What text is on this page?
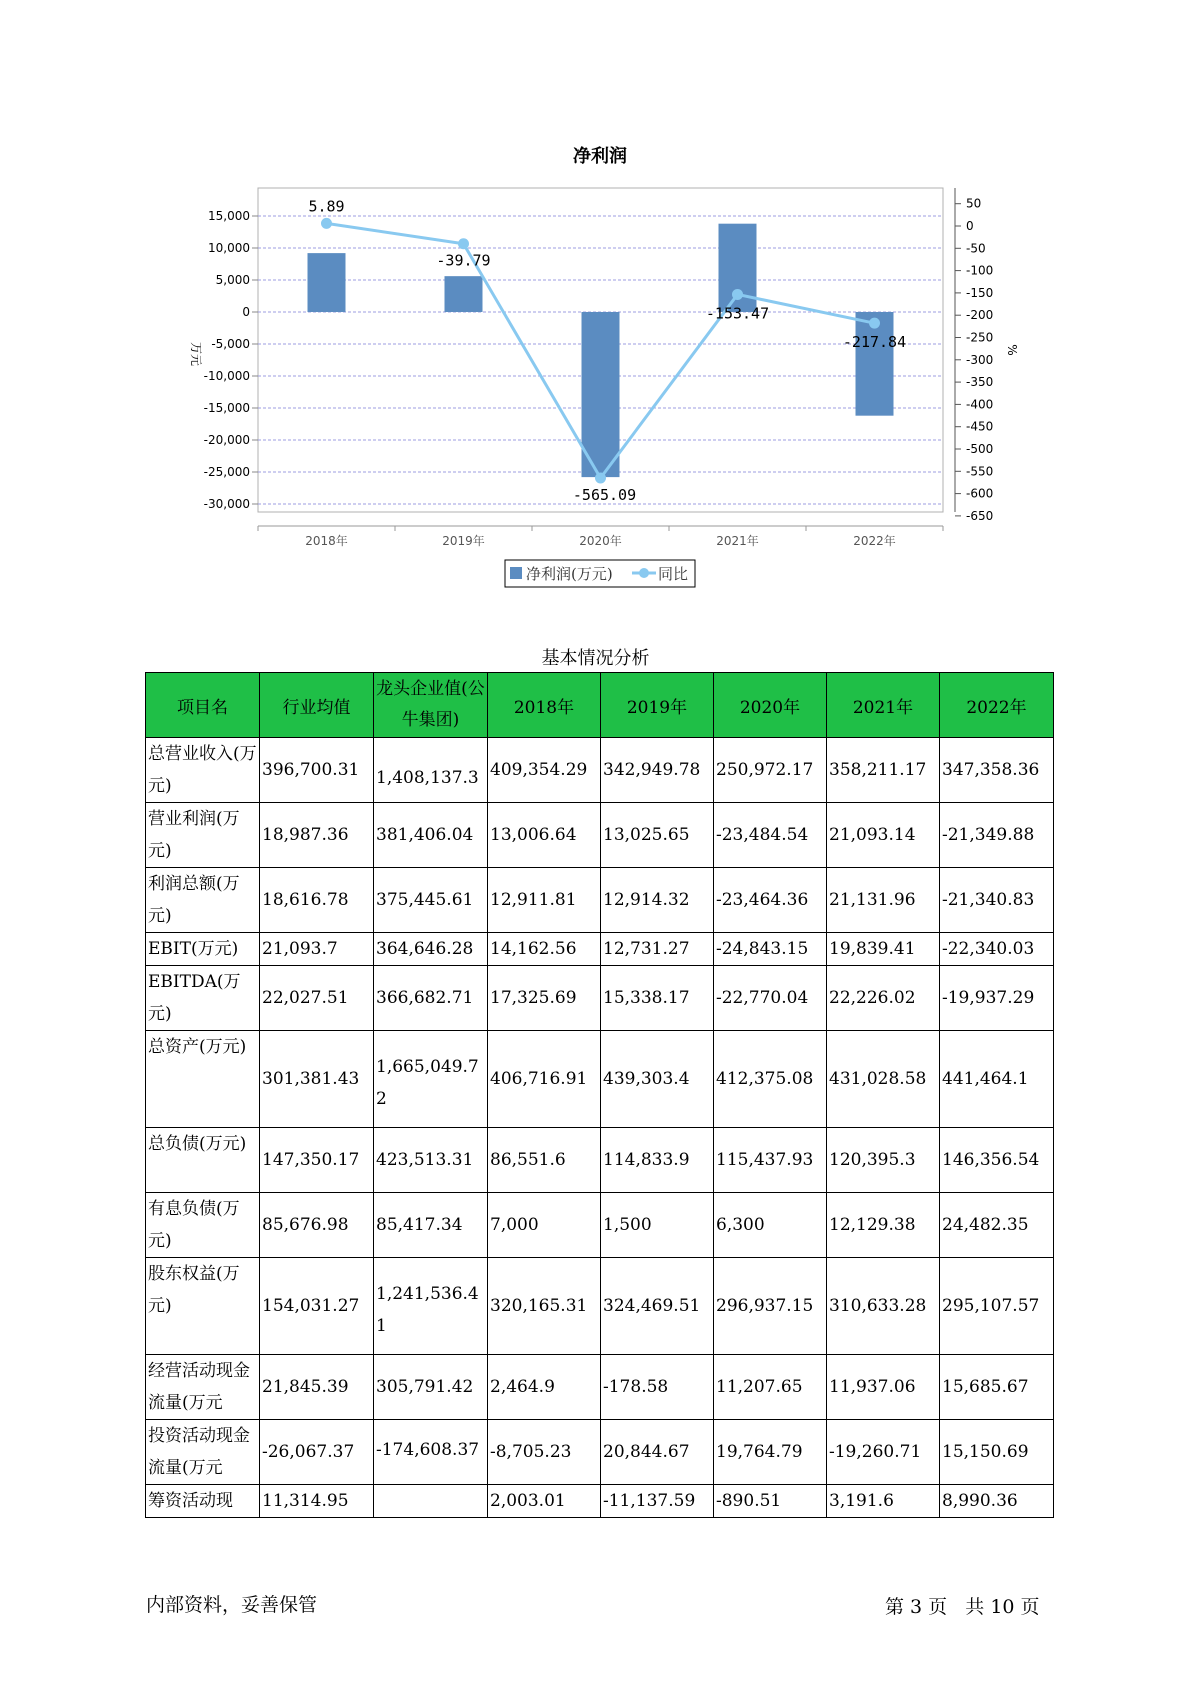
净利润
15,000
10,000
5,000
0
-5,000
-10,000
-15,000
-20,000
-25,000
-30,000
50
0
-50
-100
-150
-200
-250
-300
-350
-400
-450
-500
-550
-600
-650
5.89
-39.79
-565.09
-153.47
-217.84
2018年	2019年	2020年	2021年	2022年
万元	%
净利润(万元)	同比
基本情况分析
项目名	行业均值	龙头企业值(公牛集团)	2018年	2019年	2020年	2021年	2022年
总营业收入(万元)	396,700.31	1,408,137.3	409,354.29	342,949.78	250,972.17	358,211.17	347,358.36
营业利润(万元)	18,987.36	381,406.04	13,006.64	13,025.65	-23,484.54	21,093.14	-21,349.88
利润总额(万元)	18,616.78	375,445.61	12,911.81	12,914.32	-23,464.36	21,131.96	-21,340.83
EBIT(万元)	21,093.7	364,646.28	14,162.56	12,731.27	-24,843.15	19,839.41	-22,340.03
EBITDA(万元)	22,027.51	366,682.71	17,325.69	15,338.17	-22,770.04	22,226.02	-19,937.29
总资产(万元)	301,381.43	1,665,049.72	406,716.91	439,303.4	412,375.08	431,028.58	441,464.1
总负债(万元)	147,350.17	423,513.31	86,551.6	114,833.9	115,437.93	120,395.3	146,356.54
有息负债(万元)	85,676.98	85,417.34	7,000	1,500	6,300	12,129.38	24,482.35
股东权益(万元)	154,031.27	1,241,536.41	320,165.31	324,469.51	296,937.15	310,633.28	295,107.57
经营活动现金流量(万元	21,845.39	305,791.42	2,464.9	-178.58	11,207.65	11,937.06	15,685.67
投资活动现金流量(万元	-26,067.37	-174,608.37	-8,705.23	20,844.67	19,764.79	-19,260.71	15,150.69
筹资活动现	11,314.95		2,003.01	-11,137.59	-890.51	3,191.6	8,990.36
内部资料，妥善保管	第 3 页   共 10 页
